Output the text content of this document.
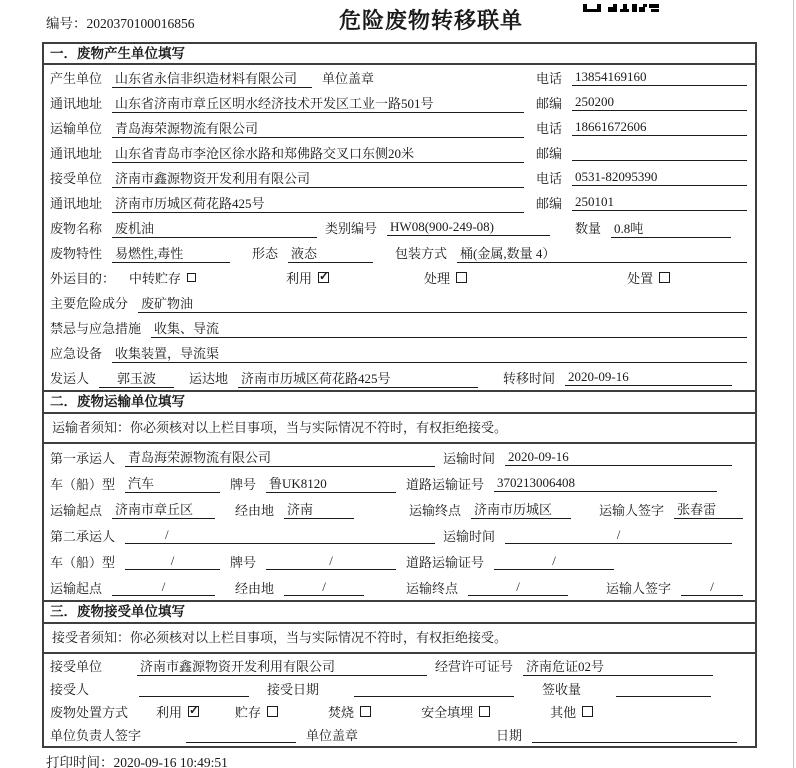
编号：2020370100016856	危险废物转移联单
一．废物产生单位填写
产生单位 山东省永信非织造材料有限公司	单位盖章	电话 13854169160
通讯地址 山东省济南市章丘区明水经济技术开发区工业一路501号	邮编 250200
运输单位 青岛海荣源物流有限公司	电话 18661672606
通讯地址 山东省青岛市李沧区徐水路和郑佛路交叉口东侧20米	邮编
接受单位 济南市鑫源物资开发利用有限公司	电话 0531-82095390
通讯地址 济南市历城区荷花路425号	邮编 250101
废物名称 废机油	类别编号 HW08(900-249-08)	数量 0.8吨
废物特性 易燃性,毒性	形态 液态	包装方式 桶(金属,数量 4）
外运目的： 中转贮存	利用 ✓	处理	处置
主要危险成分 废矿物油
禁忌与应急措施 收集、导流
应急设备 收集装置，导流渠
发运人	郭玉波	运达地 济南市历城区荷花路425号	转移时间 2020-09-16
二．废物运输单位填写
运输者须知：你必须核对以上栏目事项，当与实际情况不符时，有权拒绝接受。
第一承运人 青岛海荣源物流有限公司	运输时间 2020-09-16
车（船）型 汽车	牌号 鲁UK8120	道路运输证号 370213006408
运输起点 济南市章丘区	经由地 济南	运输终点 济南市历城区	运输人签字 张春雷
第二承运人	/	运输时间	/
车（船）型	/	牌号	/	道路运输证号	/
运输起点	/	经由地	/	运输终点	/	运输人签字	/
三．废物接受单位填写
接受者须知：你必须核对以上栏目事项，当与实际情况不符时，有权拒绝接受。
接受单位	济南市鑫源物资开发利用有限公司	经营许可证号 济南危证02号
接受人	接受日期	签收量
废物处置方式 利用 ✓	贮存	焚烧	安全填埋	其他
单位负责人签字	单位盖章	日期
打印时间：2020-09-16 10:49:51
